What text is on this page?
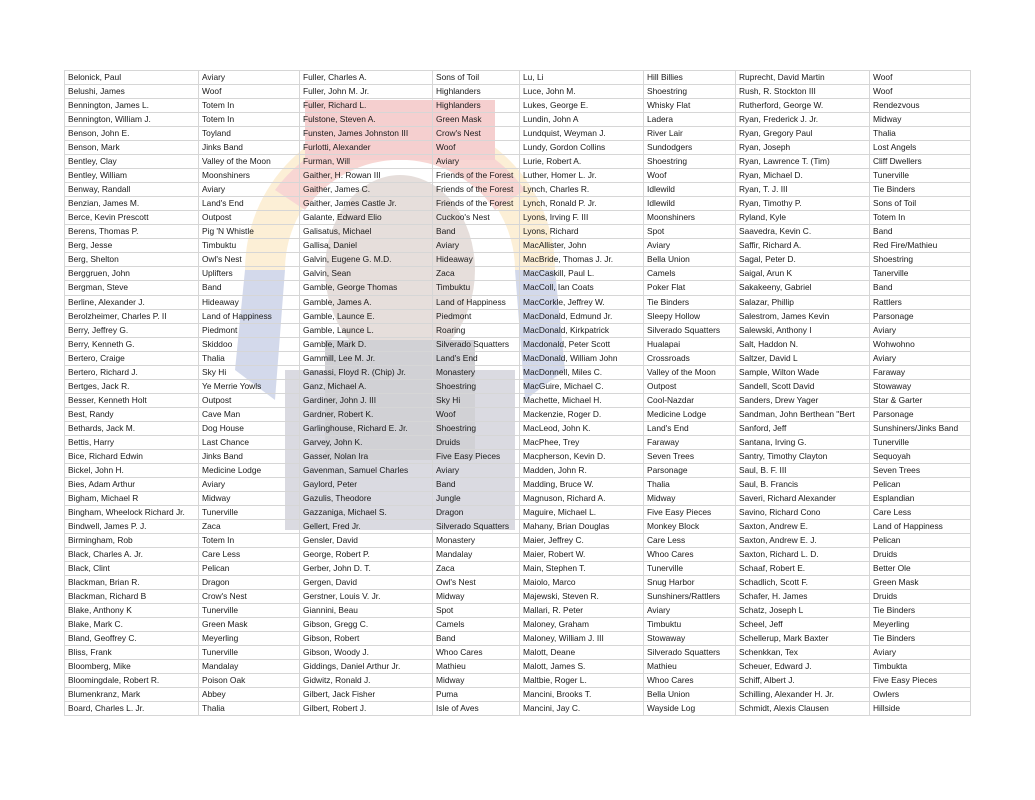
Belonick, Paul	Aviary	Fuller, Charles A.	Sons of Toil	Lu, Li	Hill Billies	Ruprecht, David Martin	Woof
Belushi, James	Woof	Fuller, John M. Jr.	Highlanders	Luce, John M.	Shoestring	Rush, R. Stockton III	Woof
Bennington, James L.	Totem In	Fuller, Richard L.	Highlanders	Lukes, George E.	Whisky Flat	Rutherford, George W.	Rendezvous
Bennington, William J.	Totem In	Fulstone, Steven A.	Green Mask	Lundin, John A	Ladera	Ryan, Frederick J. Jr.	Midway
Benson, John E.	Toyland	Funsten, James Johnston III	Crow's Nest	Lundquist, Weyman J.	River Lair	Ryan, Gregory Paul	Thalia
Benson, Mark	Jinks Band	Furlotti, Alexander	Woof	Lundy, Gordon Collins	Sundodgers	Ryan, Joseph	Lost Angels
Bentley, Clay	Valley of the Moon	Furman, Will	Aviary	Lurie, Robert A.	Shoestring	Ryan, Lawrence T. (Tim)	Cliff Dwellers
Bentley, William	Moonshiners	Gaither, H. Rowan III	Friends of the Forest	Luther, Homer L. Jr.	Woof	Ryan, Michael D.	Tunerville
Benway, Randall	Aviary	Gaither, James C.	Friends of the Forest	Lynch, Charles R.	Idlewild	Ryan, T. J. III	Tie Binders
Benzian, James M.	Land's End	Gaither, James Castle Jr.	Friends of the Forest	Lynch, Ronald P. Jr.	Idlewild	Ryan, Timothy P.	Sons of Toil
Berce, Kevin Prescott	Outpost	Galante, Edward Elio	Cuckoo's Nest	Lyons, Irving F. III	Moonshiners	Ryland, Kyle	Totem In
Berens, Thomas P.	Pig 'N Whistle	Galisatus, Michael	Band	Lyons, Richard	Spot	Saavedra, Kevin C.	Band
Berg, Jesse	Timbuktu	Gallisa, Daniel	Aviary	MacAllister, John	Aviary	Saffir, Richard A.	Red Fire/Mathieu
Berg, Shelton	Owl's Nest	Galvin, Eugene G. M.D.	Hideaway	MacBride, Thomas J. Jr.	Bella Union	Sagal, Peter D.	Shoestring
Berggruen, John	Uplifters	Galvin, Sean	Zaca	MacCaskill, Paul L.	Camels	Saigal, Arun K	Tanerville
Bergman, Steve	Band	Gamble, George Thomas	Timbuktu	MacColl, Ian Coats	Poker Flat	Sakakeeny, Gabriel	Band
Berline, Alexander J.	Hideaway	Gamble, James A.	Land of Happiness	MacCorkle, Jeffrey W.	Tie Binders	Salazar, Phillip	Rattlers
Berolzheimer, Charles P. II	Land of Happiness	Gamble, Launce E.	Piedmont	MacDonald, Edmund Jr.	Sleepy Hollow	Salestrom, James Kevin	Parsonage
Berry, Jeffrey G.	Piedmont	Gamble, Launce L.	Roaring	MacDonald, Kirkpatrick	Silverado Squatters	Salewski, Anthony I	Aviary
Berry, Kenneth G.	Skiddoo	Gamble, Mark D.	Silverado Squatters	Macdonald, Peter Scott	Hualapai	Salt, Haddon N.	Wohwohno
Bertero, Craige	Thalia	Gammill, Lee M. Jr.	Land's End	MacDonald, William John	Crossroads	Saltzer, David L	Aviary
Bertero, Richard J.	Sky Hi	Ganassi, Floyd R. (Chip) Jr.	Monastery	MacDonnell, Miles C.	Valley of the Moon	Sample, Wilton Wade	Faraway
Bertges, Jack R.	Ye Merrie Yowls	Ganz, Michael A.	Shoestring	MacGuire, Michael C.	Outpost	Sandell, Scott David	Stowaway
Besser, Kenneth Holt	Outpost	Gardiner, John J. III	Sky Hi	Machette, Michael H.	Cool-Nazdar	Sanders, Drew Yager	Star & Garter
Best, Randy	Cave Man	Gardner, Robert K.	Woof	Mackenzie, Roger D.	Medicine Lodge	Sandman, John Berthean "Bert	Parsonage
Bethards, Jack M.	Dog House	Garlinghouse, Richard E. Jr.	Shoestring	MacLeod, John K.	Land's End	Sanford, Jeff	Sunshiners/Jinks Band
Bettis, Harry	Last Chance	Garvey, John K.	Druids	MacPhee, Trey	Faraway	Santana, Irving G.	Tunerville
Bice, Richard Edwin	Jinks Band	Gasser, Nolan Ira	Five Easy Pieces	Macpherson, Kevin D.	Seven Trees	Santry, Timothy Clayton	Sequoyah
Bickel, John H.	Medicine Lodge	Gavenman, Samuel Charles	Aviary	Madden, John R.	Parsonage	Saul, B. F. III	Seven Trees
Bies, Adam Arthur	Aviary	Gaylord, Peter	Band	Madding, Bruce W.	Thalia	Saul, B. Francis	Pelican
Bigham, Michael R	Midway	Gazulis, Theodore	Jungle	Magnuson, Richard A.	Midway	Saveri, Richard Alexander	Esplandian
Bingham, Wheelock Richard Jr.	Tunerville	Gazzaniga, Michael S.	Dragon	Maguire, Michael L.	Five Easy Pieces	Savino, Richard Cono	Care Less
Bindwell, James P. J.	Zaca	Gellert, Fred Jr.	Silverado Squatters	Mahany, Brian Douglas	Monkey Block	Saxton, Andrew E.	Land of Happiness
Birmingham, Rob	Totem In	Gensler, David	Monastery	Maier, Jeffrey C.	Care Less	Saxton, Andrew E. J.	Pelican
Black, Charles A. Jr.	Care Less	George, Robert P.	Mandalay	Maier, Robert W.	Whoo Cares	Saxton, Richard L. D.	Druids
Black, Clint	Pelican	Gerber, John D. T.	Zaca	Main, Stephen T.	Tunerville	Schaaf, Robert E.	Better Ole
Blackman, Brian R.	Dragon	Gergen, David	Owl's Nest	Maiolo, Marco	Snug Harbor	Schadlich, Scott F.	Green Mask
Blackman, Richard B	Crow's Nest	Gerstner, Louis V. Jr.	Midway	Majewski, Steven R.	Sunshiners/Rattlers	Schafer, H. James	Druids
Blake, Anthony K	Tunerville	Giannini, Beau	Spot	Mallari, R. Peter	Aviary	Schatz, Joseph L	Tie Binders
Blake, Mark C.	Green Mask	Gibson, Gregg C.	Camels	Maloney, Graham	Timbuktu	Scheel, Jeff	Meyerling
Bland, Geoffrey C.	Meyerling	Gibson, Robert	Band	Maloney, William J. III	Stowaway	Schellerup, Mark Baxter	Tie Binders
Bliss, Frank	Tunerville	Gibson, Woody J.	Whoo Cares	Malott, Deane	Silverado Squatters	Schenkkan, Tex	Aviary
Bloomberg, Mike	Mandalay	Giddings, Daniel Arthur Jr.	Mathieu	Malott, James S.	Mathieu	Scheuer, Edward J.	Timbukta
Bloomingdale, Robert R.	Poison Oak	Gidwitz, Ronald J.	Midway	Maltbie, Roger L.	Whoo Cares	Schiff, Albert J.	Five Easy Pieces
Blumenkranz, Mark	Abbey	Gilbert, Jack Fisher	Puma	Mancini, Brooks T.	Bella Union	Schilling, Alexander H. Jr.	Owlers
Board, Charles L. Jr.	Thalia	Gilbert, Robert J.	Isle of Aves	Mancini, Jay C.	Wayside Log	Schmidt, Alexis Clausen	Hillside
